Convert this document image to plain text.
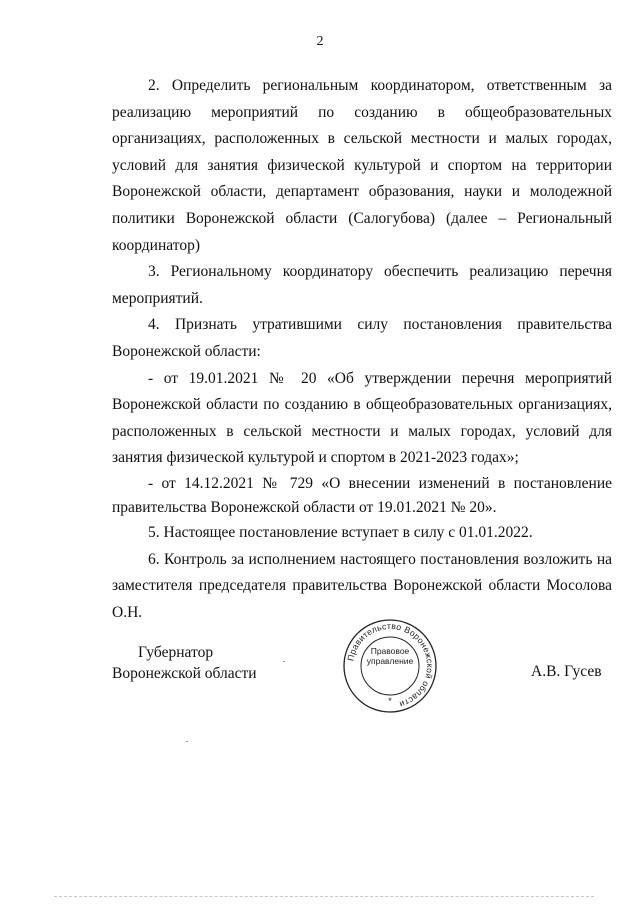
2

2. Определить региональным координатором, ответственным за реализацию мероприятий по созданию в общеобразовательных организациях, расположенных в сельской местности и малых городах, условий для занятия физической культурой и спортом на территории Воронежской области, департамент образования, науки и молодежной политики Воронежской области (Салогубова) (далее – Региональный координатор)

3. Региональному координатору обеспечить реализацию перечня мероприятий.

4. Признать утратившими силу постановления правительства Воронежской области:

- от 19.01.2021 № 20 «Об утверждении перечня мероприятий Воронежской области по созданию в общеобразовательных организациях, расположенных в сельской местности и малых городах, условий для занятия физической культурой и спортом в 2021-2023 годах»;

- от 14.12.2021 № 729 «О внесении изменений в постановление правительства Воронежской области от 19.01.2021 № 20».

5. Настоящее постановление вступает в силу с 01.01.2022.

6. Контроль за исполнением настоящего постановления возложить на заместителя председателя правительства Воронежской области Мосолова О.Н.

Губернатор
Воронежской области
Правительство Воронежской области
*
Правовое
управление
А.В. Гусев
